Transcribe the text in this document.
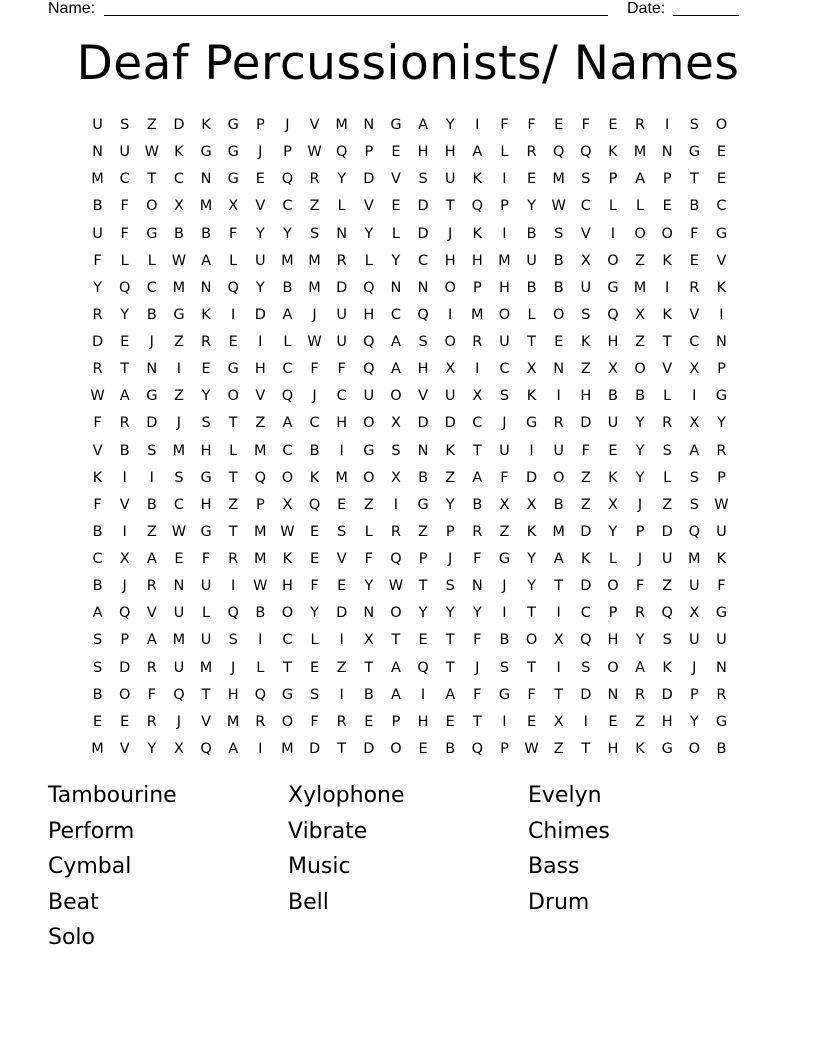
Name:	Date:
Deaf Percussionists/ Names
U	S	Z	D	K	G	P	J	V	M	N	G	A	Y	I	F	F	E	F	E	R	I	S	O
N	U	W	K	G	G	J	P	W Q	P	E	H	H	A	L	R	Q	Q	K	M	N	G	E
M	C	T	C	N	G	E	Q	R	Y	D	V	S	U	K	I	E	M	S	P	A	P	T	E
B	F	O	X	M	X	V	C	Z	L	V	E	D	T	Q	P	Y	W	C	L	L	E	B	C
U	F	G	B	B	F	Y	Y	S	N	Y	L	D	J	K	I	B	S	V	I	O	O	F	G
F	L	L	W	A	L	U	M	M	R	L	Y	C	H	H	M	U	B	X	O	Z	K	E	V
Y	Q	C	M	N	Q	Y	B	M	D	Q	N	N	O	P	H	B	B	U	G	M	I	R	K
R	Y	B	G	K	I	D	A	J	U	H	C	Q	I	M	O	L	O	S	Q	X	K	V	I
D	E	J	Z	R	E	I	L	W	U	Q	A	S	O	R	U	T	E	K	H	Z	T	C	N
R	T	N	I	E	G	H	C	F	F	Q	A	H	X	I	C	X	N	Z	X	O	V	X	P
W	A	G	Z	Y	O	V	Q	J	C	U	O	V	U	X	S	K	I	H	B	B	L	I	G
F	R	D	J	S	T	Z	A	C	H	O	X	D	D	C	J	G	R	D	U	Y	R	X	Y
V	B	S	M	H	L	M	C	B	I	G	S	N	K	T	U	I	U	F	E	Y	S	A	R
K	I	I	S	G	T	Q	O	K	M	O	X	B	Z	A	F	D	O	Z	K	Y	L	S	P
F	V	B	C	H	Z	P	X	Q	E	Z	I	G	Y	B	X	X	B	Z	X	J	Z	S	W
B	I	Z	W G	T	M W	E	S	L	R	Z	P	R	Z	K	M	D	Y	P	D	Q	U
C	X	A	E	F	R	M	K	E	V	F	Q	P	J	F	G	Y	A	K	L	J	U	M	K
B	J	R	N	U	I	W	H	F	E	Y	W	T	S	N	J	Y	T	D	O	F	Z	U	F
A	Q	V	U	L	Q	B	O	Y	D	N	O	Y	Y	Y	I	T	I	C	P	R	Q	X	G
S	P	A	M	U	S	I	C	L	I	X	T	E	T	F	B	O	X	Q	H	Y	S	U	U
S	D	R	U	M	J	L	T	E	Z	T	A	Q	T	J	S	T	I	S	O	A	K	J	N
B	O	F	Q	T	H	Q	G	S	I	B	A	I	A	F	G	F	T	D	N	R	D	P	R
E	E	R	J	V	M	R	O	F	R	E	P	H	E	T	I	E	X	I	E	Z	H	Y	G
M	V	Y	X	Q	A	I	M	D	T	D	O	E	B	Q	P	W	Z	T	H	K	G	O	B
Tambourine	Xylophone	Evelyn
Perform	Vibrate	Chimes
Cymbal	Music	Bass
Beat	Bell	Drum
Solo
